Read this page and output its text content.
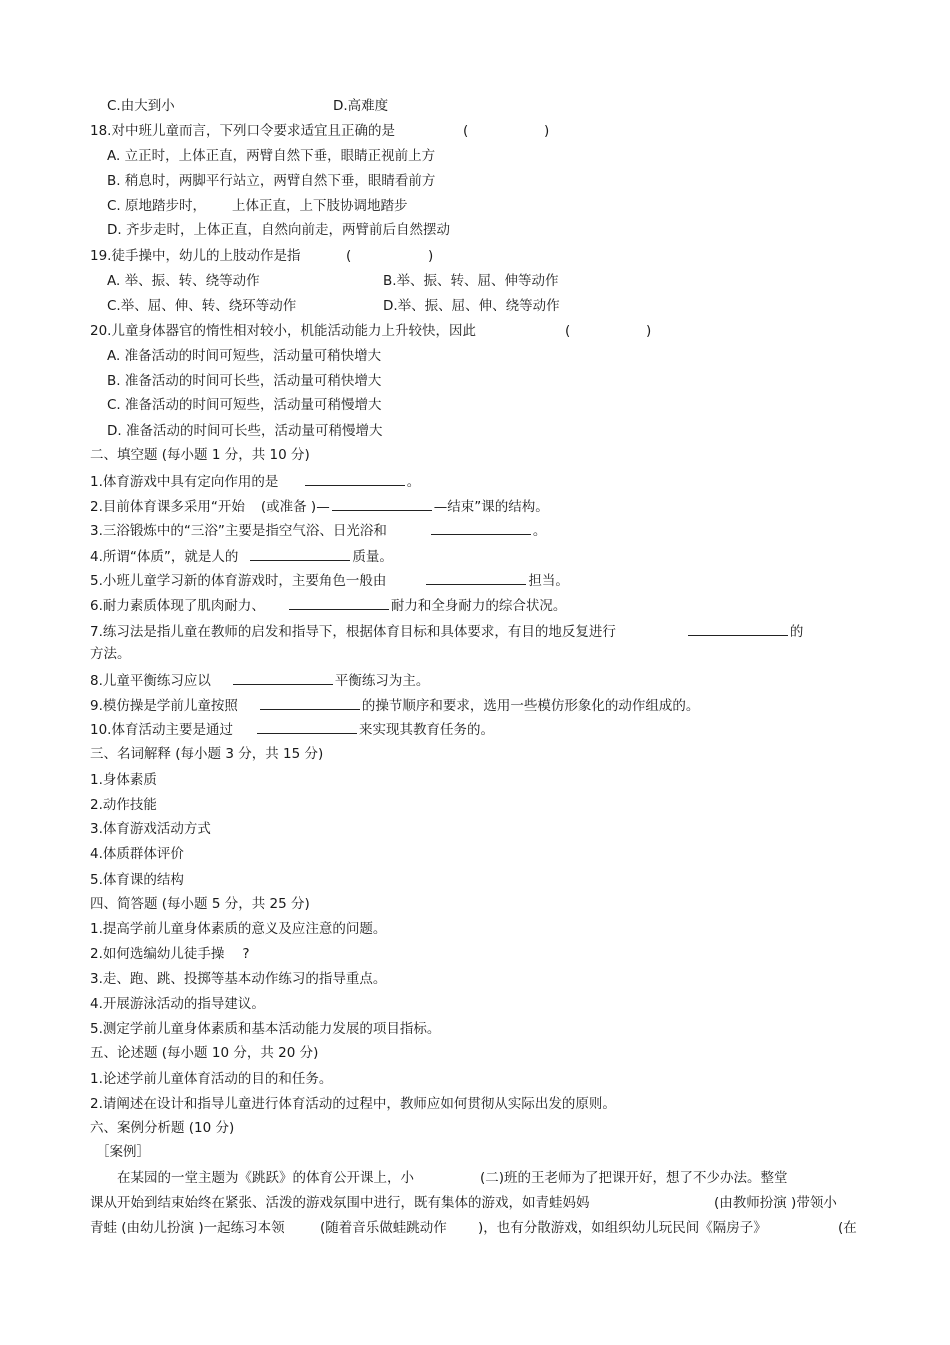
C.由大到小	D.高难度
18.对中班儿童而言，下列口令要求适宜且正确的是	(	)
A. 立正时，上体正直，两臂自然下垂，眼睛正视前上方
B. 稍息时，两脚平行站立，两臂自然下垂，眼睛看前方
C. 原地踏步时， 上体正直，上下肢协调地踏步
D. 齐步走时，上体正直，自然向前走，两臂前后自然摆动
19.徒手操中，幼儿的上肢动作是指	(	)
A. 举、振、转、绕等动作	B.举、振、转、屈、伸等动作
C.举、屈、伸、转、绕环等动作	D.举、振、屈、伸、绕等动作
20.儿童身体器官的惰性相对较小，机能活动能力上升较快，因此	(	)
A. 准备活动的时间可短些，活动量可稍快增大
B. 准备活动的时间可长些，活动量可稍快增大
C. 准备活动的时间可短些，活动量可稍慢增大
D. 准备活动的时间可长些，活动量可稍慢增大
二、填空题 (每小题 1 分，共 10 分)
1.体育游戏中具有定向作用的是	。
2.目前体育课多采用“开始 (或准备 )—	—结束”课的结构。
3.三浴锻炼中的“三浴”主要是指空气浴、日光浴和	。
4.所谓“体质”，就是人的	质量。
5.小班儿童学习新的体育游戏时，主要角色一般由	担当。
6.耐力素质体现了肌肉耐力、	耐力和全身耐力的综合状况。
7.练习法是指儿童在教师的启发和指导下，根据体育目标和具体要求，有目的地反复进行	的
方法。
8.儿童平衡练习应以	平衡练习为主。
9.模仿操是学前儿童按照	的操节顺序和要求，选用一些模仿形象化的动作组成的。
10.体育活动主要是通过	来实现其教育任务的。
三、名词解释 (每小题 3 分，共 15 分)
1.身体素质
2.动作技能
3.体育游戏活动方式
4.体质群体评价
5.体育课的结构
四、简答题 (每小题 5 分，共 25 分)
1.提高学前儿童身体素质的意义及应注意的问题。
2.如何选编幼儿徒手操 ?
3.走、跑、跳、投掷等基本动作练习的指导重点。
4.开展游泳活动的指导建议。
5.测定学前儿童身体素质和基本活动能力发展的项目指标。
五、论述题 (每小题 10 分，共 20 分)
1.论述学前儿童体育活动的目的和任务。
2.请阐述在设计和指导儿童进行体育活动的过程中，教师应如何贯彻从实际出发的原则。
六、案例分析题 (10 分)
［案例］
在某园的一堂主题为《跳跃》的体育公开课上，小	(二)班的王老师为了把课开好，想了不少办法。整堂
课从开始到结束始终在紧张、活泼的游戏氛围中进行，既有集体的游戏，如青蛙妈妈	(由教师扮演 )带领小
青蛙 (由幼儿扮演 )一起练习本领	(随着音乐做蛙跳动作 )，也有分散游戏，如组织幼儿玩民间《隔房子》	(在
